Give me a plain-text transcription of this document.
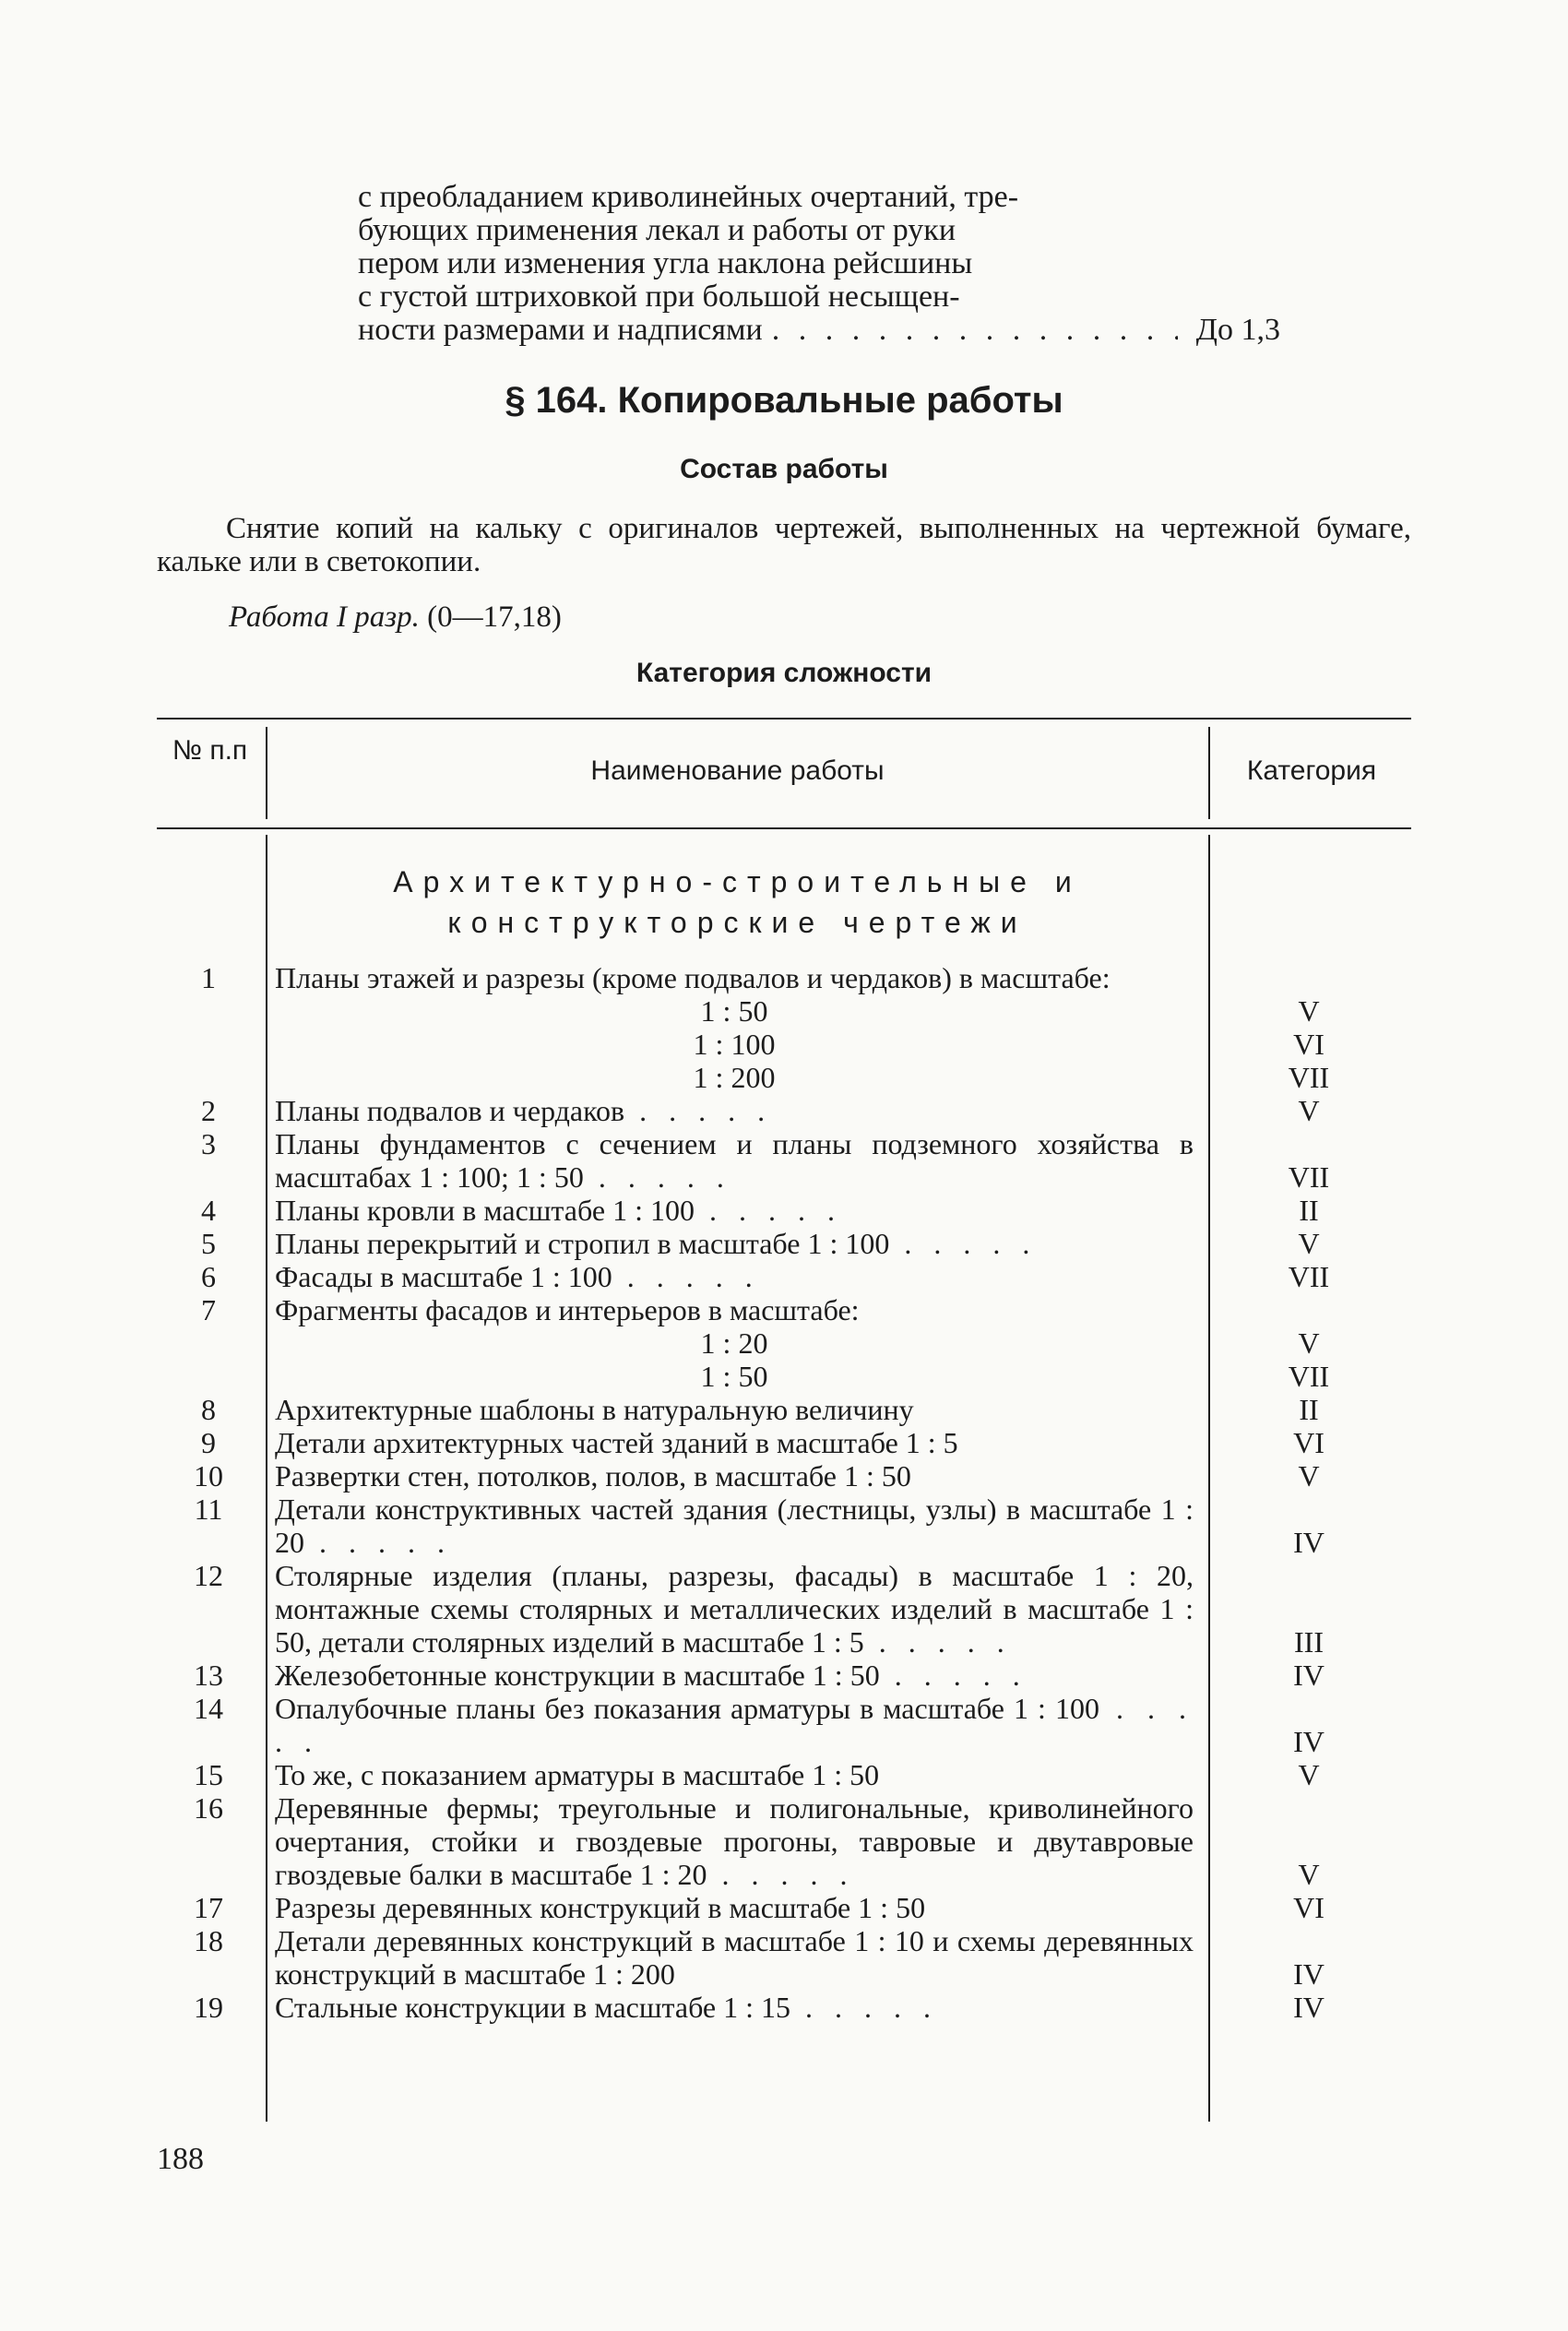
с преобладанием криволинейных очертаний, тре-
бующих применения лекал и работы от руки
пером или изменения угла наклона рейсшины
с густой штриховкой при большой несыщен-
ности размерами и надписями
. . .	До 1,3
§ 164. Копировальные работы
Состав работы
Снятие копий на кальку с оригиналов чертежей, выполненных на чертежной бумаге, кальке или в светокопии.
Работа I разр. (0—17,18)
Категория сложности
№ п.п
Наименование работы	Категория
Архитектурно-строительные и
конструкторские чертежи
1	Планы этажей и разрезы (кроме подвалов и чердаков) в масштабе:
1 : 50	V
1 : 100	VI
1 : 200	VII
2	Планы подвалов и чердаков . . . . .	V
3	Планы фундаментов с сечением и планы подземного хозяйства в масштабах 1 : 100; 1 : 50 . . . . .	VII
4	Планы кровли в масштабе 1 : 100 . . . . .	II
5	Планы перекрытий и стропил в масштабе 1 : 100 . . . . .	V
6	Фасады в масштабе 1 : 100 . . . . .	VII
7	Фрагменты фасадов и интерьеров в масштабе:
1 : 20	V
1 : 50	VII
8	Архитектурные шаблоны в натуральную величину	II
9	Детали архитектурных частей зданий в масштабе 1 : 5	VI
10	Развертки стен, потолков, полов, в масштабе 1 : 50	V
11	Детали конструктивных частей здания (лестницы, узлы) в масштабе 1 : 20 . . . . .	IV
12	Столярные изделия (планы, разрезы, фасады) в масштабе 1 : 20, монтажные схемы столярных и металлических изделий в масштабе 1 : 50, детали столярных изделий в масштабе 1 : 5 . . . . .	III
13	Железобетонные конструкции в масштабе 1 : 50 . . . . .	IV
14	Опалубочные планы без показания арматуры в масштабе 1 : 100 . . . . .	IV
15	То же, с показанием арматуры в масштабе 1 : 50	V
16	Деревянные фермы; треугольные и полигональные, криволинейного очертания, стойки и гвоздевые прогоны, тавровые и двутавровые гвоздевые балки в масштабе 1 : 20 . . . . .	V
17	Разрезы деревянных конструкций в масштабе 1 : 50	VI
18	Детали деревянных конструкций в масштабе 1 : 10 и схемы деревянных конструкций в масштабе 1 : 200	IV
19	Стальные конструкции в масштабе 1 : 15 . . . . .	IV
188
